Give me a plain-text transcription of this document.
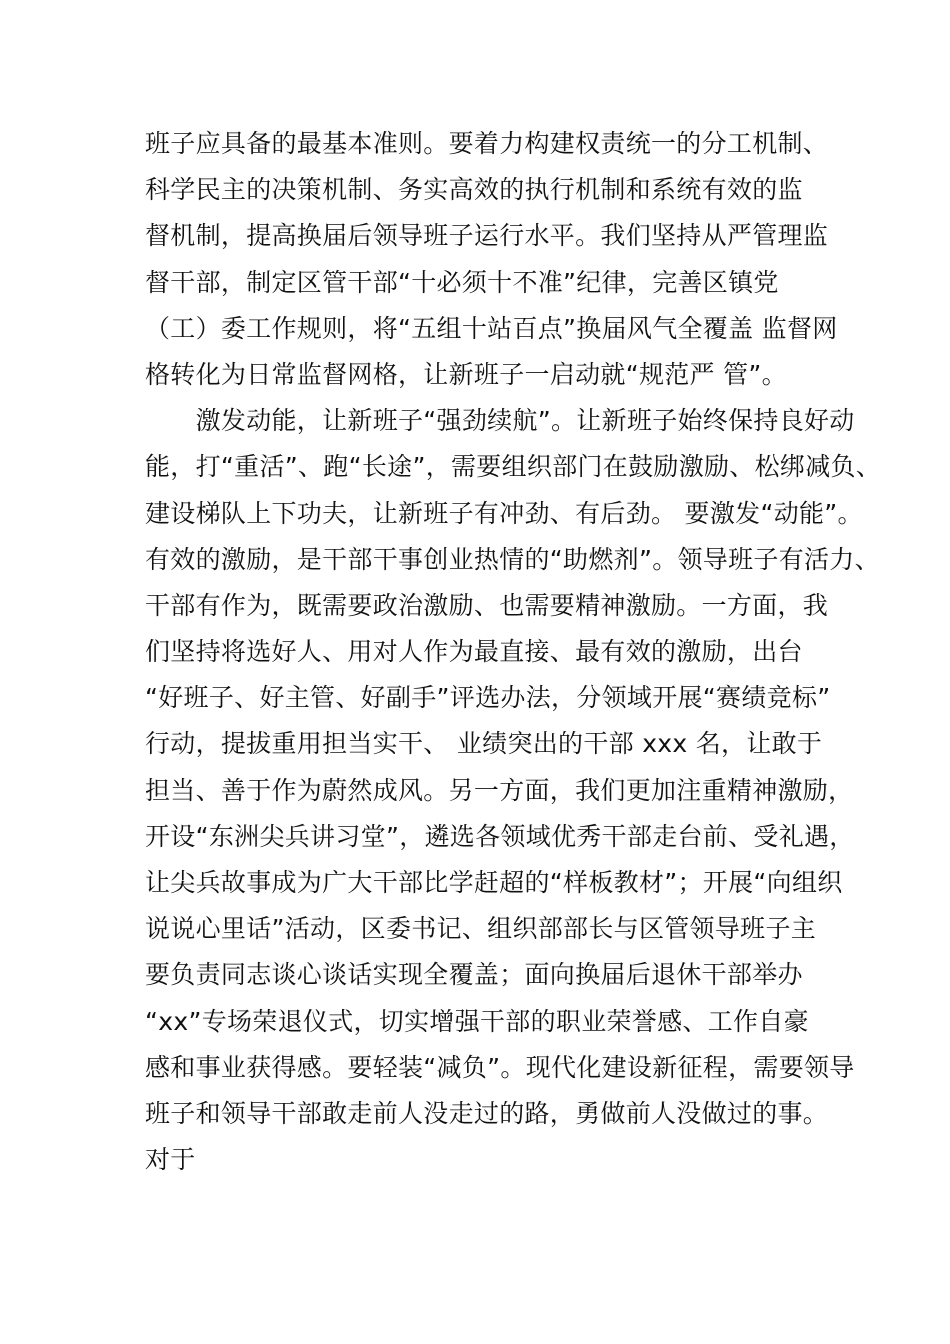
班子应具备的最基本准则。要着力构建权责统一的分工机制、
科学民主的决策机制、务实高效的执行机制和系统有效的监
督机制，提高换届后领导班子运行水平。我们坚持从严管理监
督干部，制定区管干部“十必须十不准”纪律，完善区镇党
（工）委工作规则，将“五组十站百点”换届风气全覆盖 监督网
格转化为日常监督网格，让新班子一启动就“规范严 管”。
　　激发动能，让新班子“强劲续航”。让新班子始终保持良好动
能，打“重活”、跑“长途”，需要组织部门在鼓励激励、松绑减负、
建设梯队上下功夫，让新班子有冲劲、有后劲。 要激发“动能”。
有效的激励，是干部干事创业热情的“助燃剂”。领导班子有活力、
干部有作为，既需要政治激励、也需要精神激励。一方面，我
们坚持将选好人、用对人作为最直接、最有效的激励，出台
“好班子、好主管、好副手”评选办法，分领域开展“赛绩竞标”
行动，提拔重用担当实干、 业绩突出的干部 xxx 名，让敢于
担当、善于作为蔚然成风。另一方面，我们更加注重精神激励，
开设“东洲尖兵讲习堂”，遴选各领域优秀干部走台前、受礼遇，
让尖兵故事成为广大干部比学赶超的“样板教材”；开展“向组织
说说心里话”活动，区委书记、组织部部长与区管领导班子主
要负责同志谈心谈话实现全覆盖；面向换届后退休干部举办
“xx”专场荣退仪式，切实增强干部的职业荣誉感、工作自豪
感和事业获得感。要轻装“减负”。现代化建设新征程，需要领导
班子和领导干部敢走前人没走过的路，勇做前人没做过的事。
对于
